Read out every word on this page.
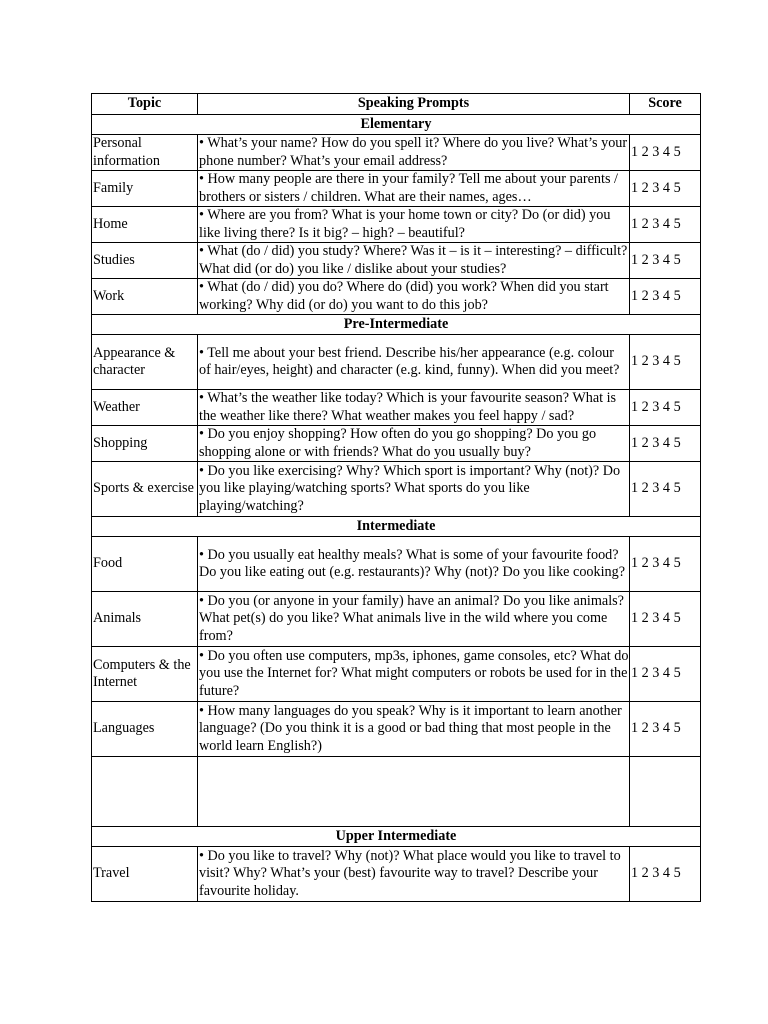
Topic	Speaking Prompts	Score
Elementary		
Personal information	• What’s your name? How do you spell it? Where do you live? What’s your phone number? What’s your email address?	1 2 3 4 5
Family	• How many people are there in your family? Tell me about your parents / brothers or sisters / children. What are their names, ages…	1 2 3 4 5
Home	• Where are you from? What is your home town or city? Do (or did) you like living there? Is it big? – high? – beautiful?	1 2 3 4 5
Studies	• What (do / did) you study? Where? Was it – is it – interesting? – difficult? What did (or do) you like / dislike about your studies?	1 2 3 4 5
Work	• What (do / did) you do? Where do (did) you work? When did you start working? Why did (or do) you want to do this job?	1 2 3 4 5
Pre-Intermediate		
Appearance & character	• Tell me about your best friend. Describe his/her appearance (e.g. colour of hair/eyes, height) and character (e.g. kind, funny). When did you meet?	1 2 3 4 5
Weather	• What’s the weather like today? Which is your favourite season? What is the weather like there? What weather makes you feel happy / sad?	1 2 3 4 5
Shopping	• Do you enjoy shopping? How often do you go shopping? Do you go shopping alone or with friends? What do you usually buy?	1 2 3 4 5
Sports & exercise	• Do you like exercising? Why? Which sport is important? Why (not)? Do you like playing/watching sports? What sports do you like playing/watching?	1 2 3 4 5
Intermediate		
Food	• Do you usually eat healthy meals? What is some of your favourite food? Do you like eating out (e.g. restaurants)? Why (not)? Do you like cooking?	1 2 3 4 5
Animals	• Do you (or anyone in your family) have an animal? Do you like animals? What pet(s) do you like? What animals live in the wild where you come from?	1 2 3 4 5
Computers & the Internet	• Do you often use computers, mp3s, iphones, game consoles, etc? What do you use the Internet for? What might computers or robots be used for in the future?	1 2 3 4 5
Languages	• How many languages do you speak? Why is it important to learn another language? (Do you think it is a good or bad thing that most people in the world learn English?)	1 2 3 4 5

Upper Intermediate		
Travel	• Do you like to travel? Why (not)? What place would you like to travel to visit? Why? What’s your (best) favourite way to travel? Describe your favourite holiday.	1 2 3 4 5
